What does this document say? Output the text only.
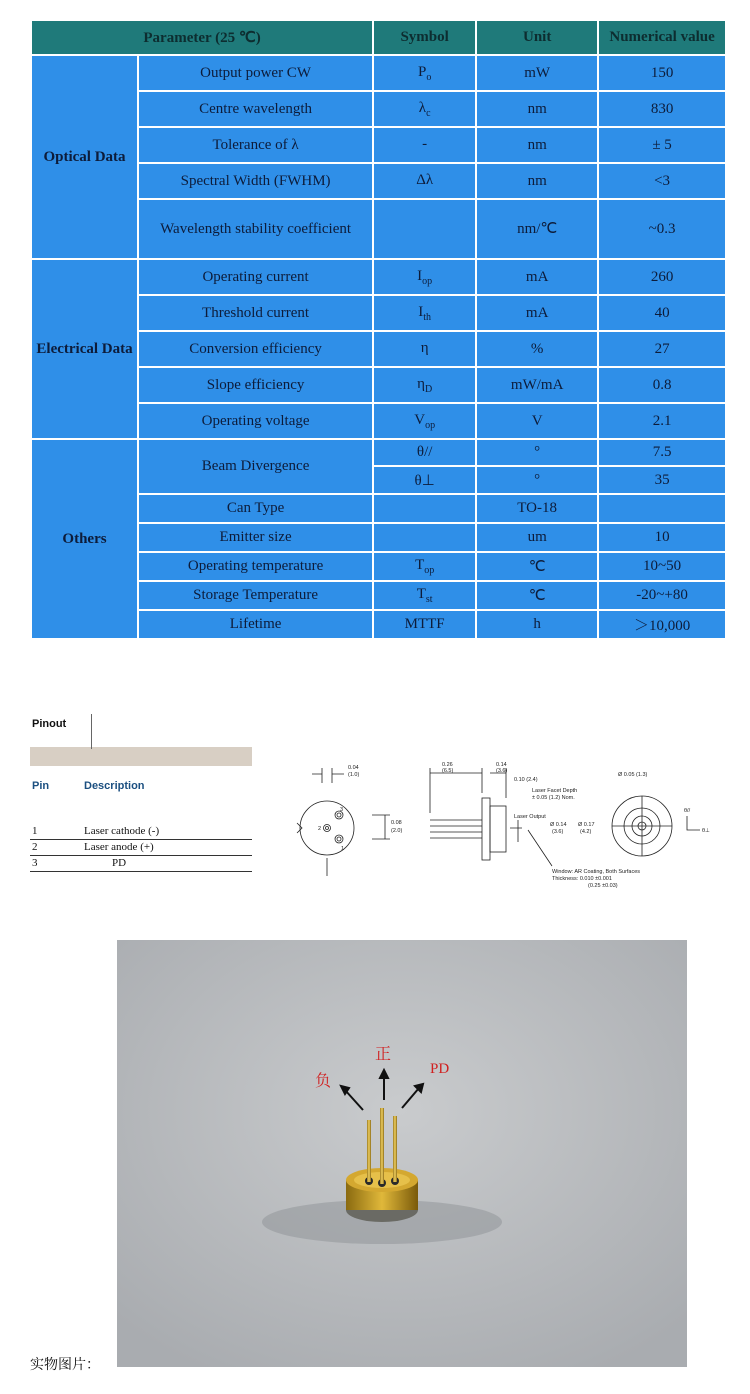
Parameter (25 ℃)		Symbol	Unit	Numerical value
Optical Data	Output power CW	$P_o$	mW	150
	Centre wavelength	$\lambda_c$	nm	830
	Tolerance of λ	-	nm	± 5
	Spectral Width (FWHM)	Δλ	nm	<3
	Wavelength stability coefficient		nm/℃	~0.3
Electrical Data	Operating current	$I_{op}$	mA	260
	Threshold current	$I_{th}$	mA	40
	Conversion efficiency	η	%	27
	Slope efficiency	$\eta_D$	mW/mA	0.8
	Operating voltage	$V_{op}$	V	2.1
Others	Beam Divergence	θ//	°	7.5
		θ⊥	°	35
	Can Type		TO-18	
	Emitter size		um	10
	Operating temperature	$T_{op}$	℃	10~50
	Storage Temperature	$T_{st}$	℃	-20~+80
	Lifetime	MTTF	h	＞10,000
Pinout
Pin	Description
1	Laser cathode (-)
2	Laser anode (+)
3	PD
0.04
(1.0)
0.08
(2.0)
3
2
1
0.26
(6.5)
0.14
(3.6)
0.10 (2.4)
Laser Facet Depth
± 0.05 (1.2) Nom.
Laser Output
Ø 0.14
(3.6)
Ø 0.17
(4.2)
Window: AR Coating, Both Surfaces
Thickness: 0.010 ±0.001
(0.25 ±0.03)
Ø 0.05 (1.3)
θ//
θ⊥
负
正
PD
实物图片：
